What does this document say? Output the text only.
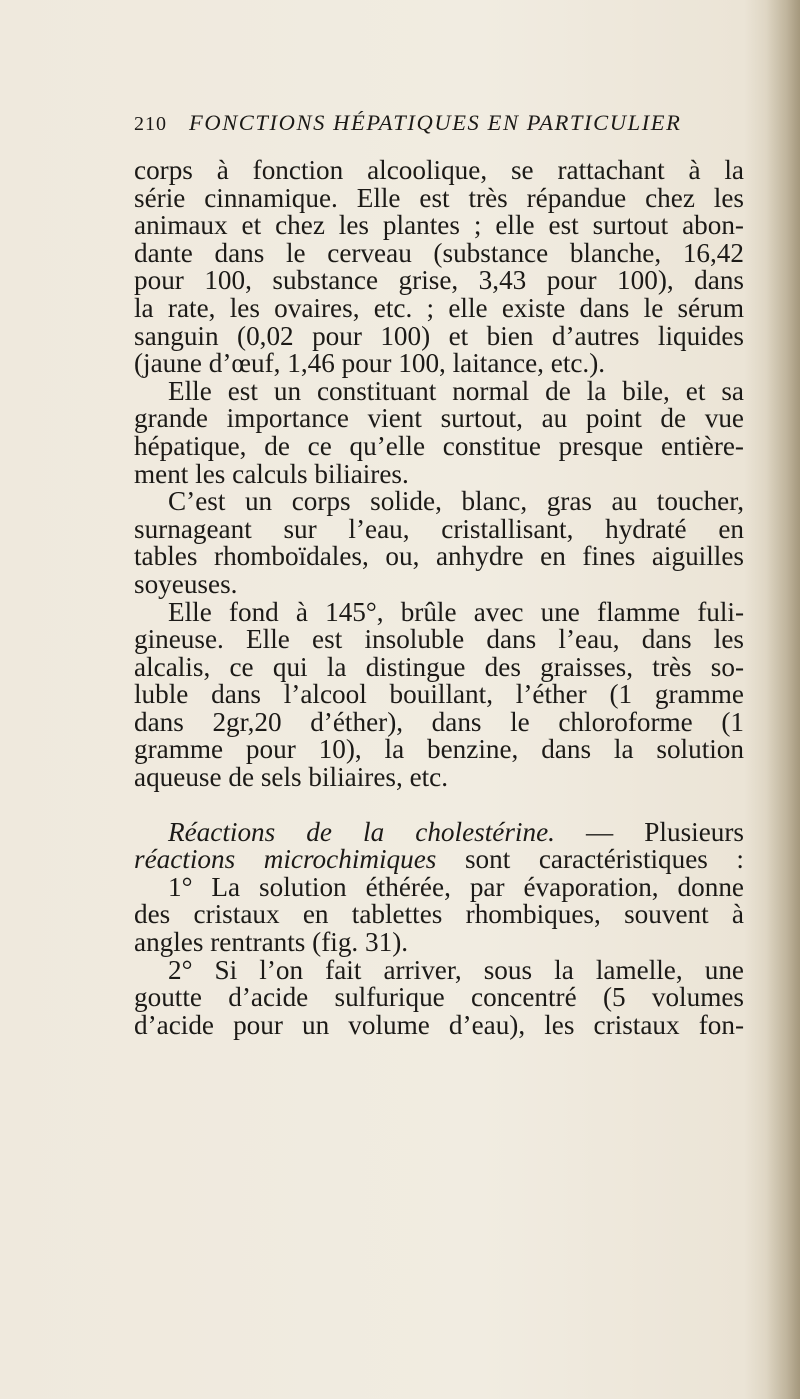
210 FONCTIONS HÉPATIQUES EN PARTICULIER
corps à fonction alcoolique, se rattachant à la
série cinnamique. Elle est très répandue chez les
animaux et chez les plantes ; elle est surtout abon-
dante dans le cerveau (substance blanche, 16,42
pour 100, substance grise, 3,43 pour 100), dans
la rate, les ovaires, etc. ; elle existe dans le sérum
sanguin (0,02 pour 100) et bien d’autres liquides
(jaune d’œuf, 1,46 pour 100, laitance, etc.).
Elle est un constituant normal de la bile, et sa
grande importance vient surtout, au point de vue
hépatique, de ce qu’elle constitue presque entière-
ment les calculs biliaires.
C’est un corps solide, blanc, gras au toucher,
surnageant sur l’eau, cristallisant, hydraté en
tables rhomboïdales, ou, anhydre en fines aiguilles
soyeuses.
Elle fond à 145°, brûle avec une flamme fuli-
gineuse. Elle est insoluble dans l’eau, dans les
alcalis, ce qui la distingue des graisses, très so-
luble dans l’alcool bouillant, l’éther (1 gramme
dans 2gr,20 d’éther), dans le chloroforme (1
gramme pour 10), la benzine, dans la solution
aqueuse de sels biliaires, etc.
Réactions de la cholestérine. — Plusieurs
réactions microchimiques sont caractéristiques :
1° La solution éthérée, par évaporation, donne
des cristaux en tablettes rhombiques, souvent à
angles rentrants (fig. 31).
2° Si l’on fait arriver, sous la lamelle, une
goutte d’acide sulfurique concentré (5 volumes
d’acide pour un volume d’eau), les cristaux fon-
